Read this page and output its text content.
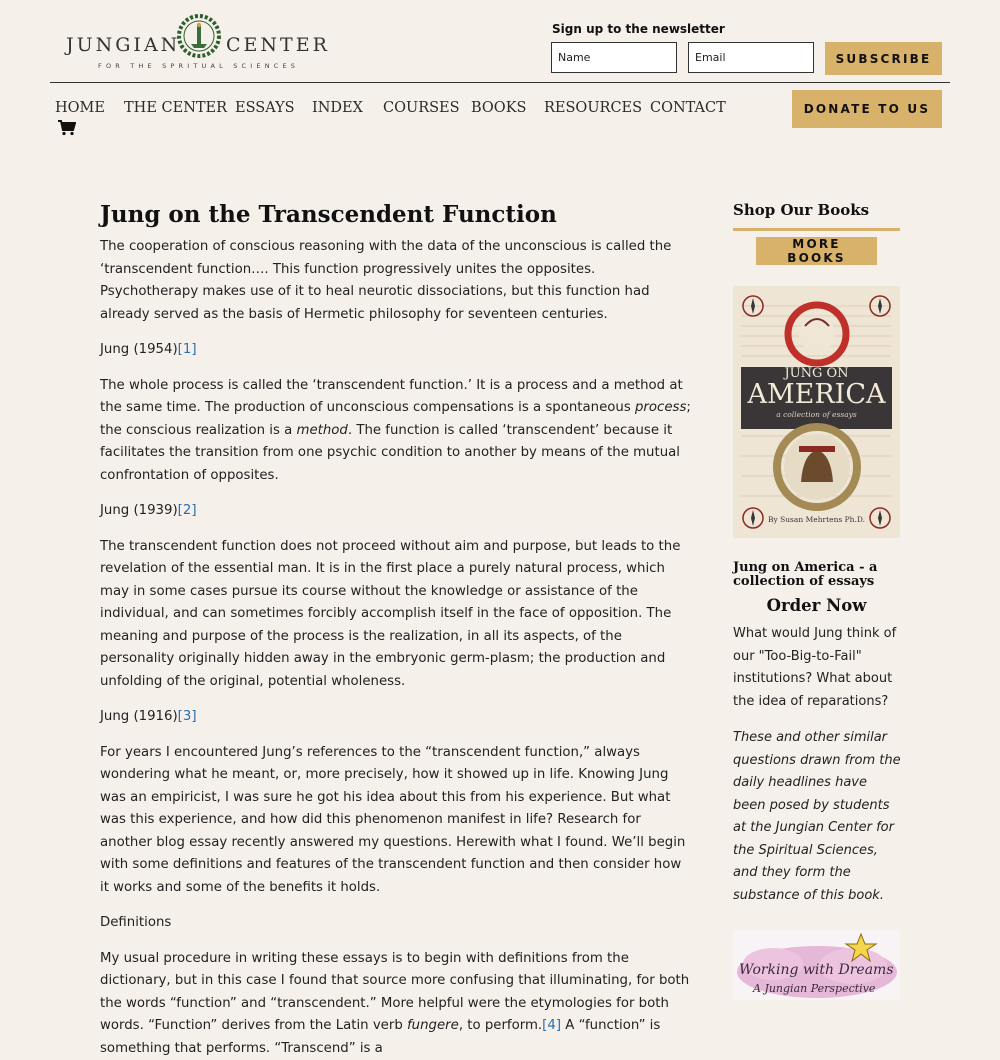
JUNGIAN CENTER
FOR THE SPRITUAL SCIENCES
Sign up to the newsletter
Name
Email
SUBSCRIBE
HOME THE CENTER ESSAYS INDEX COURSES BOOKS RESOURCES CONTACT	DONATE TO US
Jung on the Transcendent Function

The cooperation of conscious reasoning with the data of the unconscious is called the ‘transcendent function…. This function progressively unites the opposites. Psychotherapy makes use of it to heal neurotic dissociations, but this function had already served as the basis of Hermetic philosophy for seventeen centuries.

Jung (1954)[1]

The whole process is called the ‘transcendent function.’ It is a process and a method at the same time. The production of unconscious compensations is a spontaneous process; the conscious realization is a method. The function is called ‘transcendent’ because it facilitates the transition from one psychic condition to another by means of the mutual confrontation of opposites.

Jung (1939)[2]

The transcendent function does not proceed without aim and purpose, but leads to the revelation of the essential man. It is in the first place a purely natural process, which may in some cases pursue its course without the knowledge or assistance of the individual, and can sometimes forcibly accomplish itself in the face of opposition. The meaning and purpose of the process is the realization, in all its aspects, of the personality originally hidden away in the embryonic germ-plasm; the production and unfolding of the original, potential wholeness.

Jung (1916)[3]

For years I encountered Jung’s references to the “transcendent function,” always wondering what he meant, or, more precisely, how it showed up in life. Knowing Jung was an empiricist, I was sure he got his idea about this from his experience. But what was this experience, and how did this phenomenon manifest in life? Research for another blog essay recently answered my questions. Herewith what I found. We’ll begin with some definitions and features of the transcendent function and then consider how it works and some of the benefits it holds.

Definitions

My usual procedure in writing these essays is to begin with definitions from the dictionary, but in this case I found that source more confusing that illuminating, for both the words “function” and “transcendent.” More helpful were the etymologies for both words. “Function” derives from the Latin verb fungere, to perform.[4] A “function” is something that performs. “Transcend” is a

Shop Our Books
MORE BOOKS
JUNG ON
AMERICA
a collection of essays
By Susan Mehrtens Ph.D.
Jung on America - a collection of essays
Order Now

What would Jung think of our "Too-Big-to-Fail" institutions? What about the idea of reparations?

These and other similar questions drawn from the daily headlines have been posed by students at the Jungian Center for the Spiritual Sciences, and they form the substance of this book.

Working with Dreams
A Jungian Perspective
